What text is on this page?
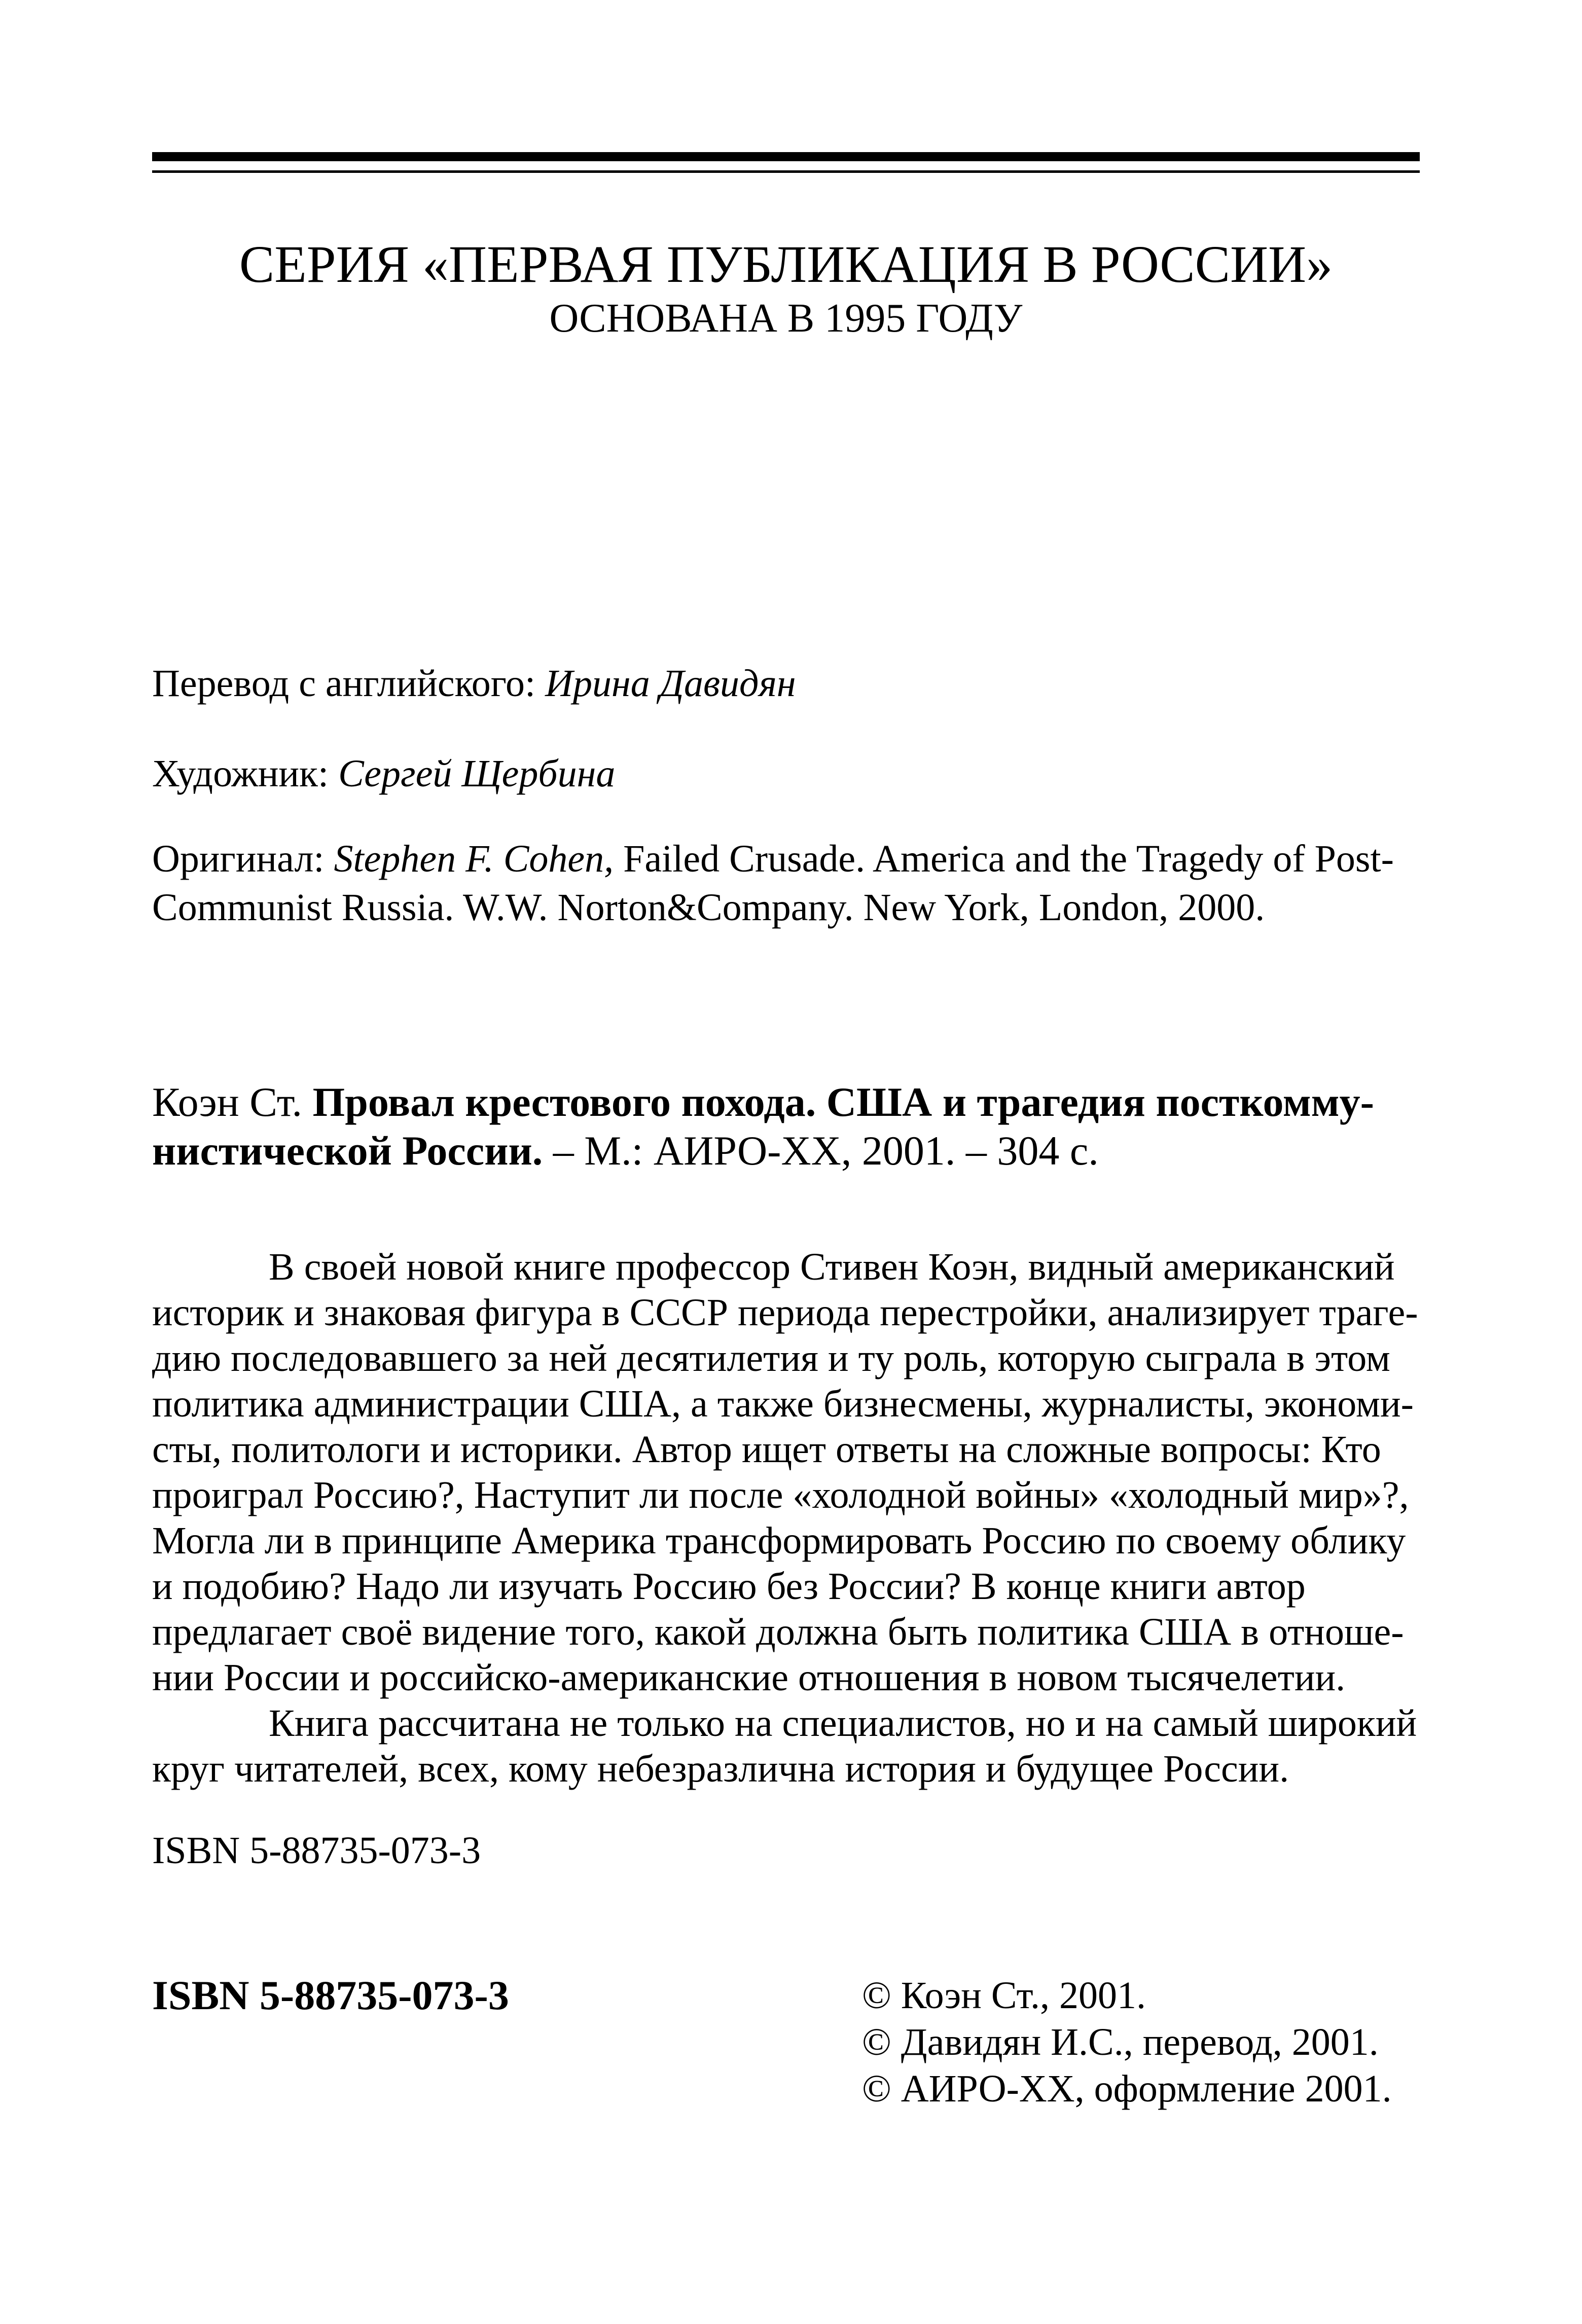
СЕРИЯ «ПЕРВАЯ ПУБЛИКАЦИЯ В РОССИИ»
ОСНОВАНА В 1995 ГОДУ
Перевод с английского: Ирина Давидян
Художник: Сергей Щербина
Оригинал: Stephen F. Cohen, Failed Crusade. America and the Tragedy of Post-
Communist Russia. W.W. Norton&Company. New York, London, 2000.
Коэн Ст. Провал крестового похода. США и трагедия посткомму-
нистической России. – М.: АИРО-XX, 2001. – 304 с.
В своей новой книге профессор Стивен Коэн, видный американский
историк и знаковая фигура в СССР периода перестройки, анализирует траге-
дию последовавшего за ней десятилетия и ту роль, которую сыграла в этом
политика администрации США, а также бизнесмены, журналисты, экономи-
сты, политологи и историки. Автор ищет ответы на сложные вопросы: Кто
проиграл Россию?, Наступит ли после «холодной войны» «холодный мир»?,
Могла ли в принципе Америка трансформировать Россию по своему облику
и подобию? Надо ли изучать Россию без России? В конце книги автор
предлагает своё видение того, какой должна быть политика США в отноше-
нии России и российско-американские отношения в новом тысячелетии.
Книга рассчитана не только на специалистов, но и на самый широкий
круг читателей, всех, кому небезразлична история и будущее России.
ISBN 5-88735-073-3
ISBN 5-88735-073-3	© Коэн Ст., 2001.
© Давидян И.С., перевод, 2001.
© АИРО-XX, оформление 2001.
